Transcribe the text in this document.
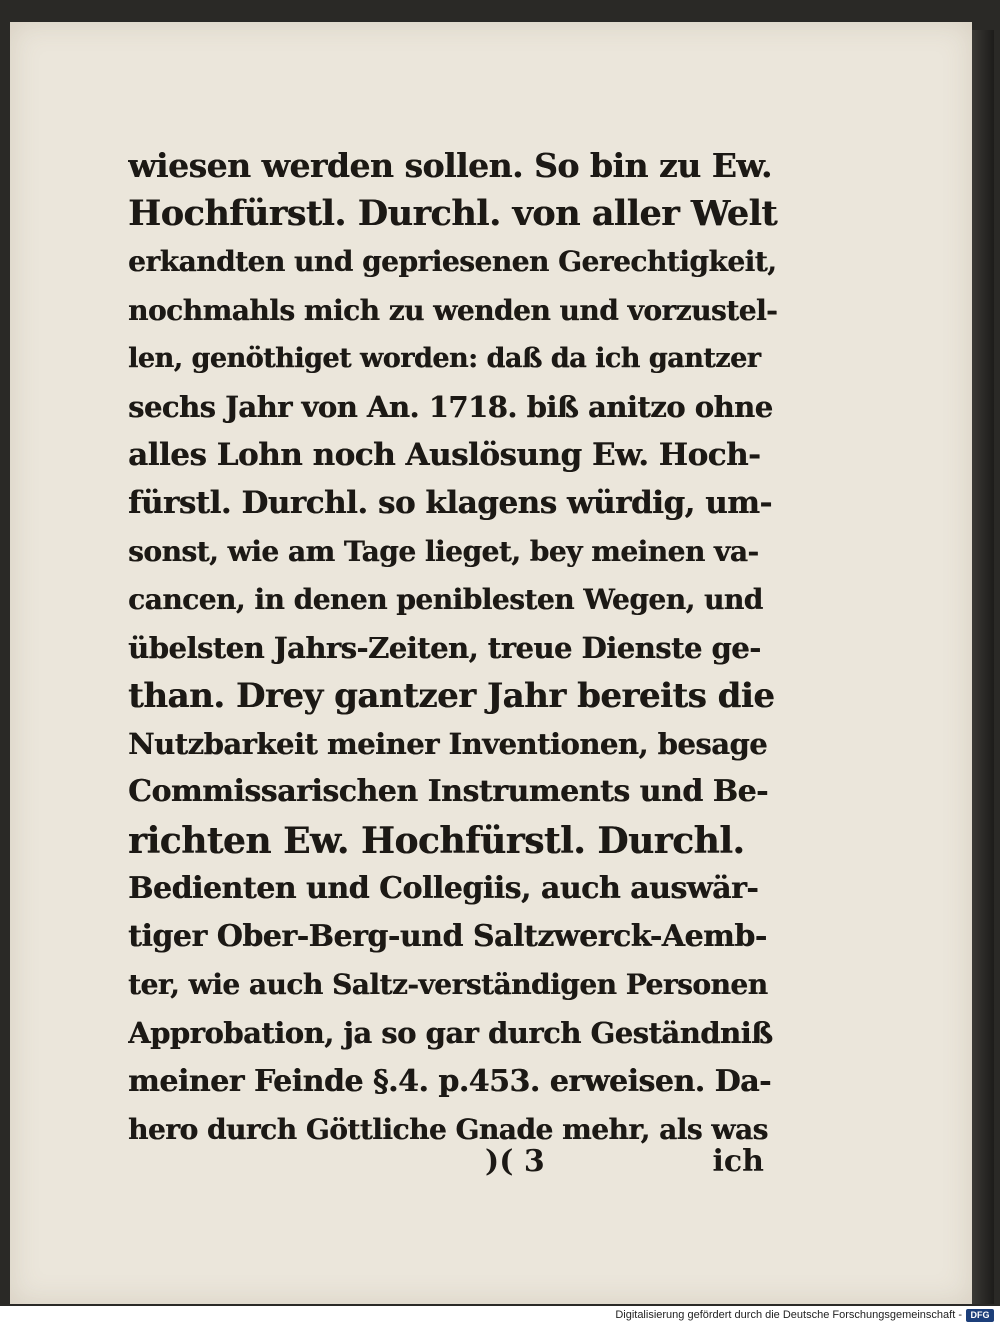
wiesen werden sollen. So bin zu Ew.
Hochfürstl. Durchl. von aller Welt
erkandten und gepriesenen Gerechtigkeit,
nochmahls mich zu wenden und vorzustel-
len, genöthiget worden: daß da ich gantzer
sechs Jahr von An. 1718. biß anitzo ohne
alles Lohn noch Auslösung Ew. Hoch-
fürstl. Durchl. so klagens würdig, um-
sonst, wie am Tage lieget, bey meinen va-
cancen, in denen peniblesten Wegen, und
übelsten Jahrs-Zeiten, treue Dienste ge-
than. Drey gantzer Jahr bereits die
Nutzbarkeit meiner Inventionen, besage
Commissarischen Instruments und Be-
richten Ew. Hochfürstl. Durchl.
Bedienten und Collegiis, auch auswär-
tiger Ober-Berg-und Saltzwerck-Aemb-
ter, wie auch Saltz-verständigen Personen
Approbation, ja so gar durch Geständniß
meiner Feinde §.4. p.453. erweisen. Da-
hero durch Göttliche Gnade mehr, als was
)( 3	ich
Digitalisierung gefördert durch die Deutsche Forschungsgemeinschaft - DFG
